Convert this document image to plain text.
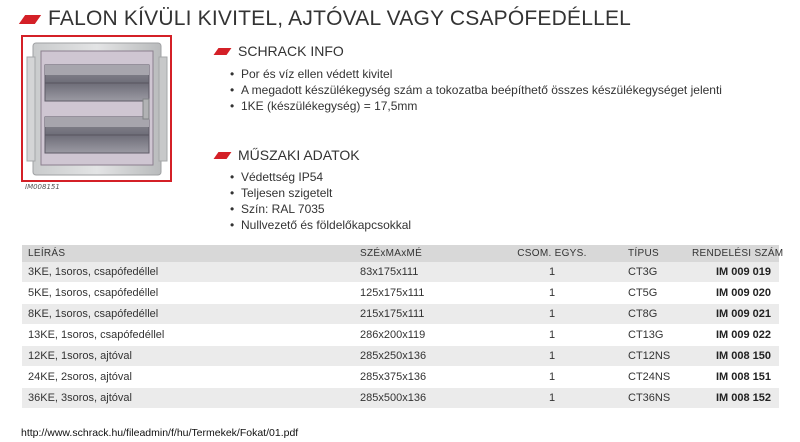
FALON KÍVÜLI KIVITEL, AJTÓVAL VAGY CSAPÓFEDÉLLEL
IM008151
SCHRACK INFO
• Por és víz ellen védett kivitel
• A megadott készülékegység szám a tokozatba beépíthető összes készülékegységet jelenti
• 1KE (készülékegység) = 17,5mm
MŰSZAKI ADATOK
• Védettség IP54
• Teljesen szigetelt
• Szín: RAL 7035
• Nullvezető és földelőkapcsokkal
LEÍRÁS	SZÉxMAxMÉ	CSOM. EGYS.	TÍPUS	RENDELÉSI SZÁM
3KE, 1soros, csapófedéllel	83x175x111	1	CT3G	IM 009 019
5KE, 1soros, csapófedéllel	125x175x111	1	CT5G	IM 009 020
8KE, 1soros, csapófedéllel	215x175x111	1	CT8G	IM 009 021
13KE, 1soros, csapófedéllel	286x200x119	1	CT13G	IM 009 022
12KE, 1soros, ajtóval	285x250x136	1	CT12NS	IM 008 150
24KE, 2soros, ajtóval	285x375x136	1	CT24NS	IM 008 151
36KE, 3soros, ajtóval	285x500x136	1	CT36NS	IM 008 152
http://www.schrack.hu/fileadmin/f/hu/Termekek/Fokat/01.pdf
